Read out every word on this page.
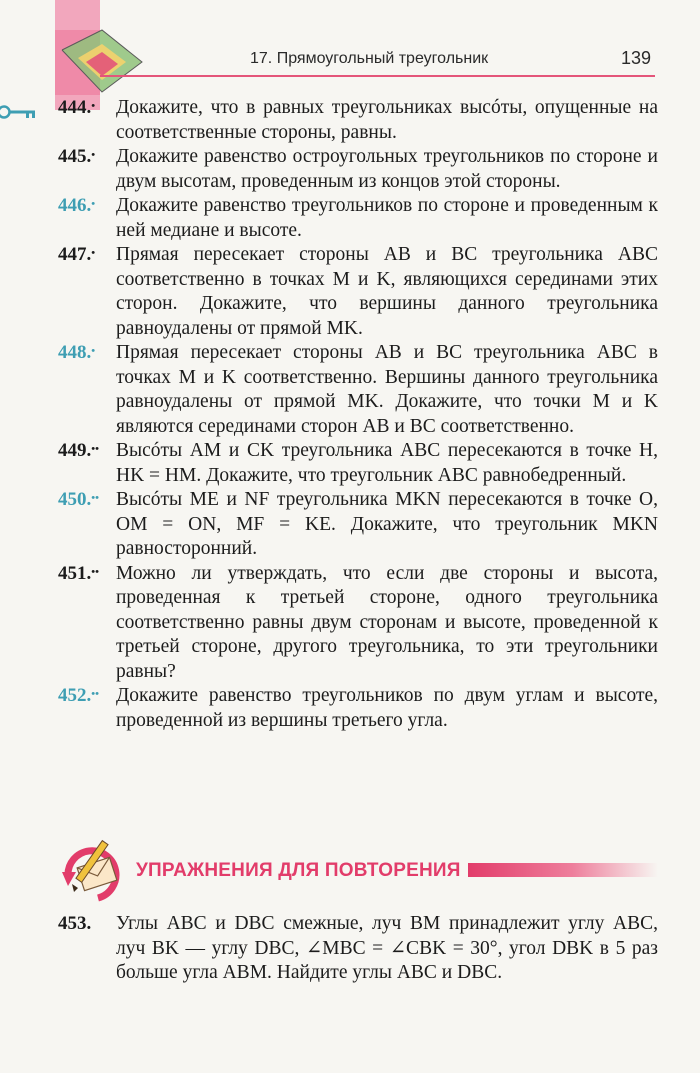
17. Прямоугольный треугольник	139
444.•	Докажите, что в равных треугольниках высóты, опущенные на соответственные стороны, равны.
445.•	Докажите равенство остроугольных треугольников по стороне и двум высотам, проведенным из концов этой стороны.
446.•	Докажите равенство треугольников по стороне и проведенным к ней медиане и высоте.
447.•	Прямая пересекает стороны AB и BC треугольника ABC соответственно в точках M и K, являющихся серединами этих сторон. Докажите, что вершины данного треугольника равноудалены от прямой MK.
448.•	Прямая пересекает стороны AB и BC треугольника ABC в точках M и K соответственно. Вершины данного треугольника равноудалены от прямой MK. Докажите, что точки M и K являются серединами сторон AB и BC соответственно.
449.•• Высóты AM и CK треугольника ABC пересекаются в точке H, HK = HM. Докажите, что треугольник ABC равнобедренный.
450.•• Высóты ME и NF треугольника MKN пересекаются в точке O, OM = ON, MF = KE. Докажите, что треугольник MKN равносторонний.
451.•• Можно ли утверждать, что если две стороны и высота, проведенная к третьей стороне, одного треугольника соответственно равны двум сторонам и высоте, проведенной к третьей стороне, другого треугольника, то эти треугольники равны?
452.•• Докажите равенство треугольников по двум углам и высоте, проведенной из вершины третьего угла.
УПРАЖНЕНИЯ ДЛЯ ПОВТОРЕНИЯ
453.	Углы ABC и DBC смежные, луч BM принадлежит углу ABC, луч BK — углу DBC, ∠MBC = ∠CBK = 30°, угол DBK в 5 раз больше угла ABM. Найдите углы ABC и DBC.
